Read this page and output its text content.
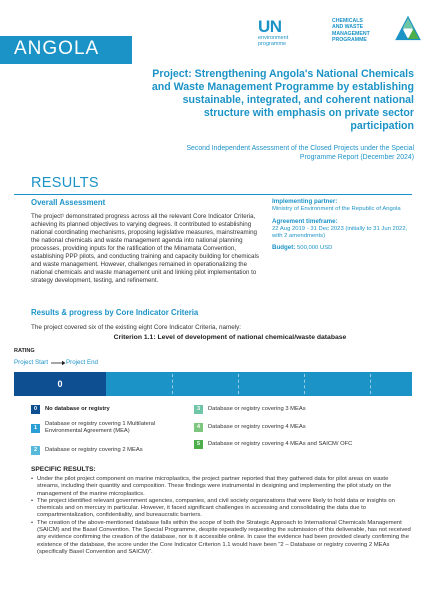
ANGOLA
UN
environment
programme
CHEMICALS
AND WASTE
MANAGEMENT
PROGRAMME
Project: Strengthening Angola's National Chemicals and Waste Management Programme by establishing sustainable, integrated, and coherent national structure with emphasis on private sector participation
Second Independent Assessment of the Closed Projects under the Special Programme Report (December 2024)
RESULTS
Overall Assessment
The project¹ demonstrated progress across all the relevant Core Indicator Criteria, achieving its planned objectives to varying degrees. It contributed to establishing national coordinating mechanisms, proposing legislative measures, mainstreaming the national chemicals and waste management agenda into national planning processes, providing inputs for the ratification of the Minamata Convention, establishing PPP pilots, and conducting training and capacity building for chemicals and waste management. However, challenges remained in operationalizing the national chemicals and waste management unit and linking pilot implementation to strategy development, testing, and refinement.
Implementing partner:
Ministry of Environment of the Republic of Angola
Agreement timeframe:
22 Aug 2019 - 31 Dec 2023 (initially to 31 Jun 2022, with 2 amendments)
Budget: 500,000 USD
Results & progress by Core Indicator Criteria
The project covered six of the existing eight Core Indicator Criteria, namely:
Criterion 1.1: Level of development of national chemical/waste database
RATING
Project Start	Project End
0
0	No database or registry
1
Database or registry covering 1 Multilateral Environmental Agreement (MEA)
2	Database or registry covering 2 MEAs
3	Database or registry covering 3 MEAs
4	Database or registry covering 4 MEAs
5	Database or registry covering 4 MEAs and SAICM/ OFC
SPECIFIC RESULTS:
• Under the pilot project component on marine microplastics, the project partner reported that they gathered data for pilot areas on waste streams, including their quantity and composition. These findings were instrumental in designing and implementing the pilot study on the management of the marine microplastics.
• The project identified relevant government agencies, companies, and civil society organizations that were likely to hold data or insights on chemicals and on mercury in particular. However, it faced significant challenges in accessing and consolidating the data due to compartmentalization, confidentiality, and bureaucratic barriers.
• The creation of the above-mentioned database falls within the scope of both the Strategic Approach to International Chemicals Management (SAICM) and the Basel Convention. The Special Programme, despite repeatedly requesting the submission of this deliverable, has not received any evidence confirming the creation of the database, nor is it accessible online. In case the evidence had been provided clearly confirming the existence of the database, the score under the Core Indicator Criterion 1.1 would have been "2 – Database or registry covering 2 MEAs (specifically Basel Convention and SAICM)".
